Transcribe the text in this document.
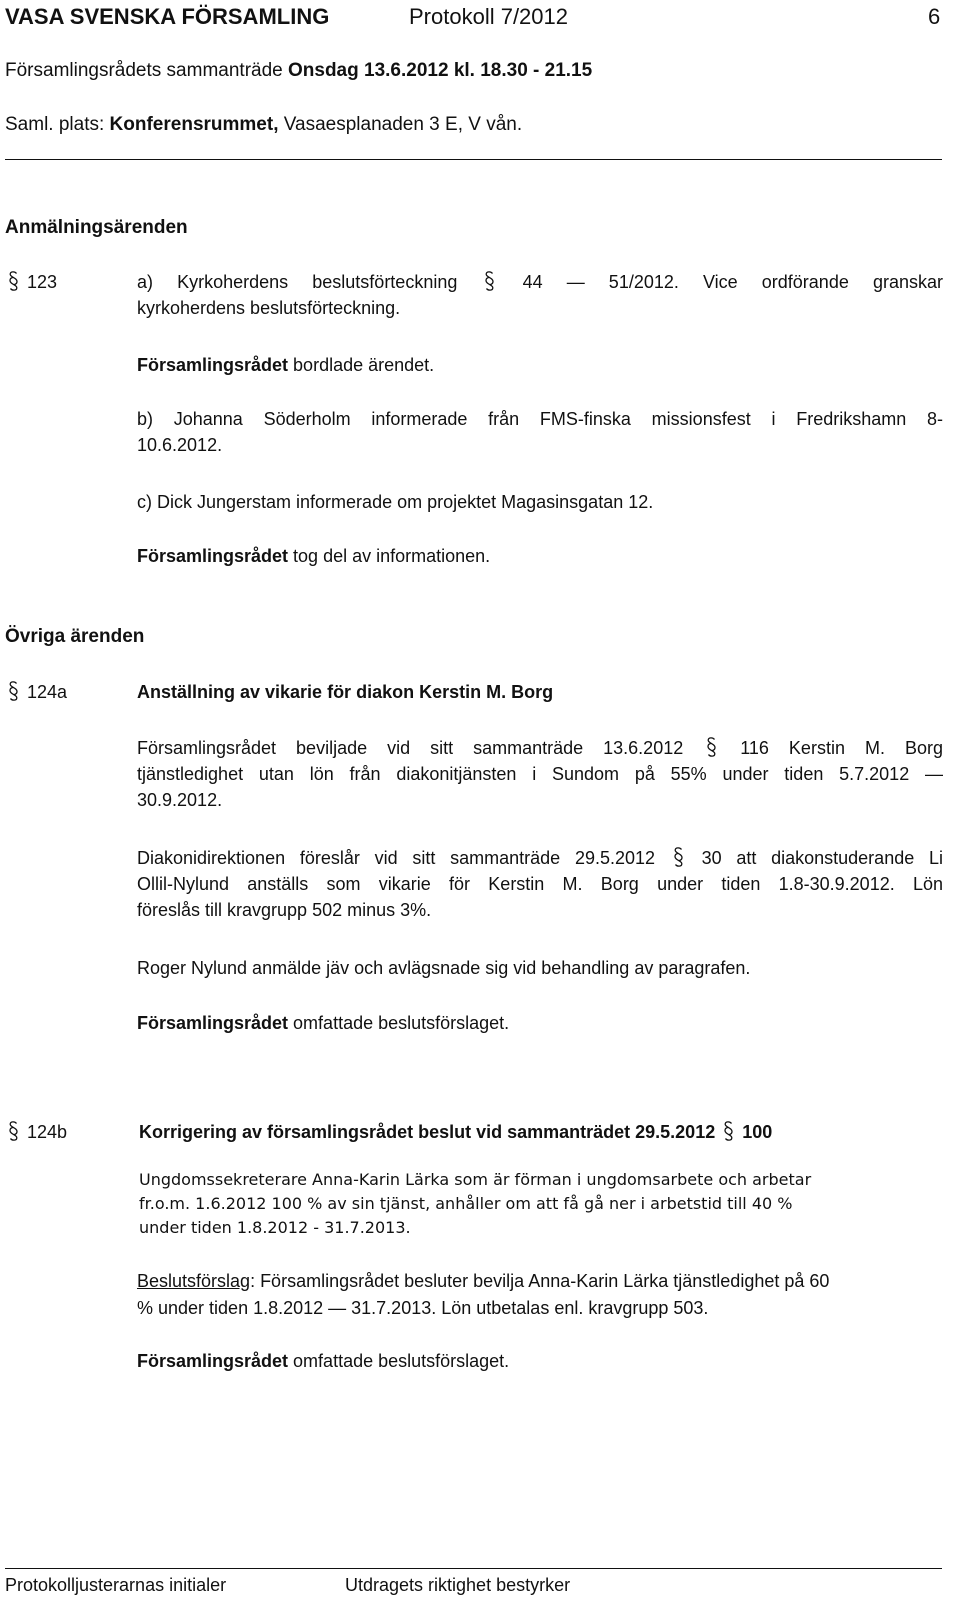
VASA SVENSKA FÖRSAMLING	Protokoll 7/2012	6
Församlingsrådets sammanträde Onsdag 13.6.2012 kl. 18.30 - 21.15
Saml. plats: Konferensrummet, Vasaesplanaden 3 E, V vån.
Anmälningsärenden
123	a) Kyrkoherdens beslutsförteckning	44 — 51/2012. Vice ordförande granskar
kyrkoherdens beslutsförteckning.
Församlingsrådet bordlade ärendet.
b) Johanna Söderholm informerade från FMS-finska missionsfest i Fredrikshamn 8-
10.6.2012.
c) Dick Jungerstam informerade om projektet Magasinsgatan 12.
Församlingsrådet tog del av informationen.
Övriga ärenden
124a	Anställning av vikarie för diakon Kerstin M. Borg
Församlingsrådet beviljade vid sitt sammanträde 13.6.2012	116 Kerstin M. Borg
tjänstledighet utan lön från diakonitjänsten i Sundom på 55% under tiden 5.7.2012 —
30.9.2012.
Diakonidirektionen föreslår vid sitt sammanträde 29.5.2012	30 att diakonstuderande Li
Ollil-Nylund anställs som vikarie för Kerstin M. Borg under tiden 1.8-30.9.2012. Lön
föreslås till kravgrupp 502 minus 3%.
Roger Nylund anmälde jäv och avlägsnade sig vid behandling av paragrafen.
Församlingsrådet omfattade beslutsförslaget.
124b	Korrigering av församlingsrådet beslut vid sammanträdet 29.5.2012 100
Ungdomssekreterare Anna-Karin Lärka som är förman i ungdomsarbete och arbetar
fr.o.m. 1.6.2012 100 % av sin tjänst, anhåller om att få gå ner i arbetstid till 40 %
under tiden 1.8.2012 - 31.7.2013.
Beslutsförslag: Församlingsrådet besluter bevilja Anna-Karin Lärka tjänstledighet på 60
% under tiden 1.8.2012 — 31.7.2013. Lön utbetalas enl. kravgrupp 503.
Församlingsrådet omfattade beslutsförslaget.
Protokolljusterarnas initialer	Utdragets riktighet bestyrker
